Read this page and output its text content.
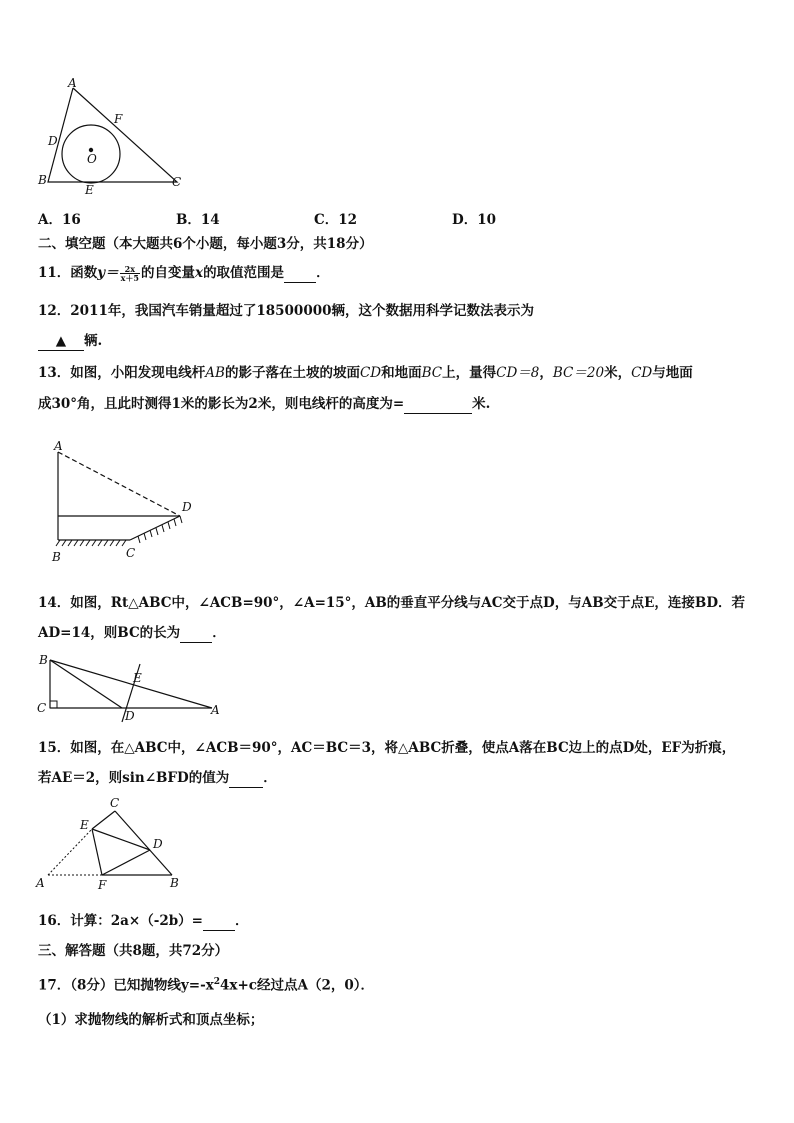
A
F
D
O
B
E
C
A．16	B．14	C．12	D．10
二、填空题（本大题共6个小题，每小题3分，共18分）
11．函数$y= \frac{2x}{x+5}$ 的自变量x的取值范围是 ．
12．2011年，我国汽车销量超过了18500000辆，这个数据用科学记数法表示为
▲ 辆.
13．如图，小阳发现电线杆AB的影子落在土坡的坡面CD和地面BC上，量得CD＝8，BC＝20米，CD与地面
成30°角，且此时测得1米的影长为2米，则电线杆的高度为=	米.
A
D
B	C
14．如图，Rt△ABC中，∠ACB=90°，∠A=15°，AB的垂直平分线与AC交于点D，与AB交于点E，连接BD．若
AD=14，则BC的长为 ．
B
E
C
D	A
15．如图，在△ABC中，∠ACB＝90°，AC＝BC＝3，将△ABC折叠，使点A落在BC边上的点D处，EF为折痕，
若AE＝2，则sin∠BFD的值为	．
C
E
D
A	F	B
16．计算：2a×（-2b）= ．
三、解答题（共8题，共72分）
17．（8分）已知抛物线$y=-x^24x+c$经过点A（2，0）．
（1）求抛物线的解析式和顶点坐标；
